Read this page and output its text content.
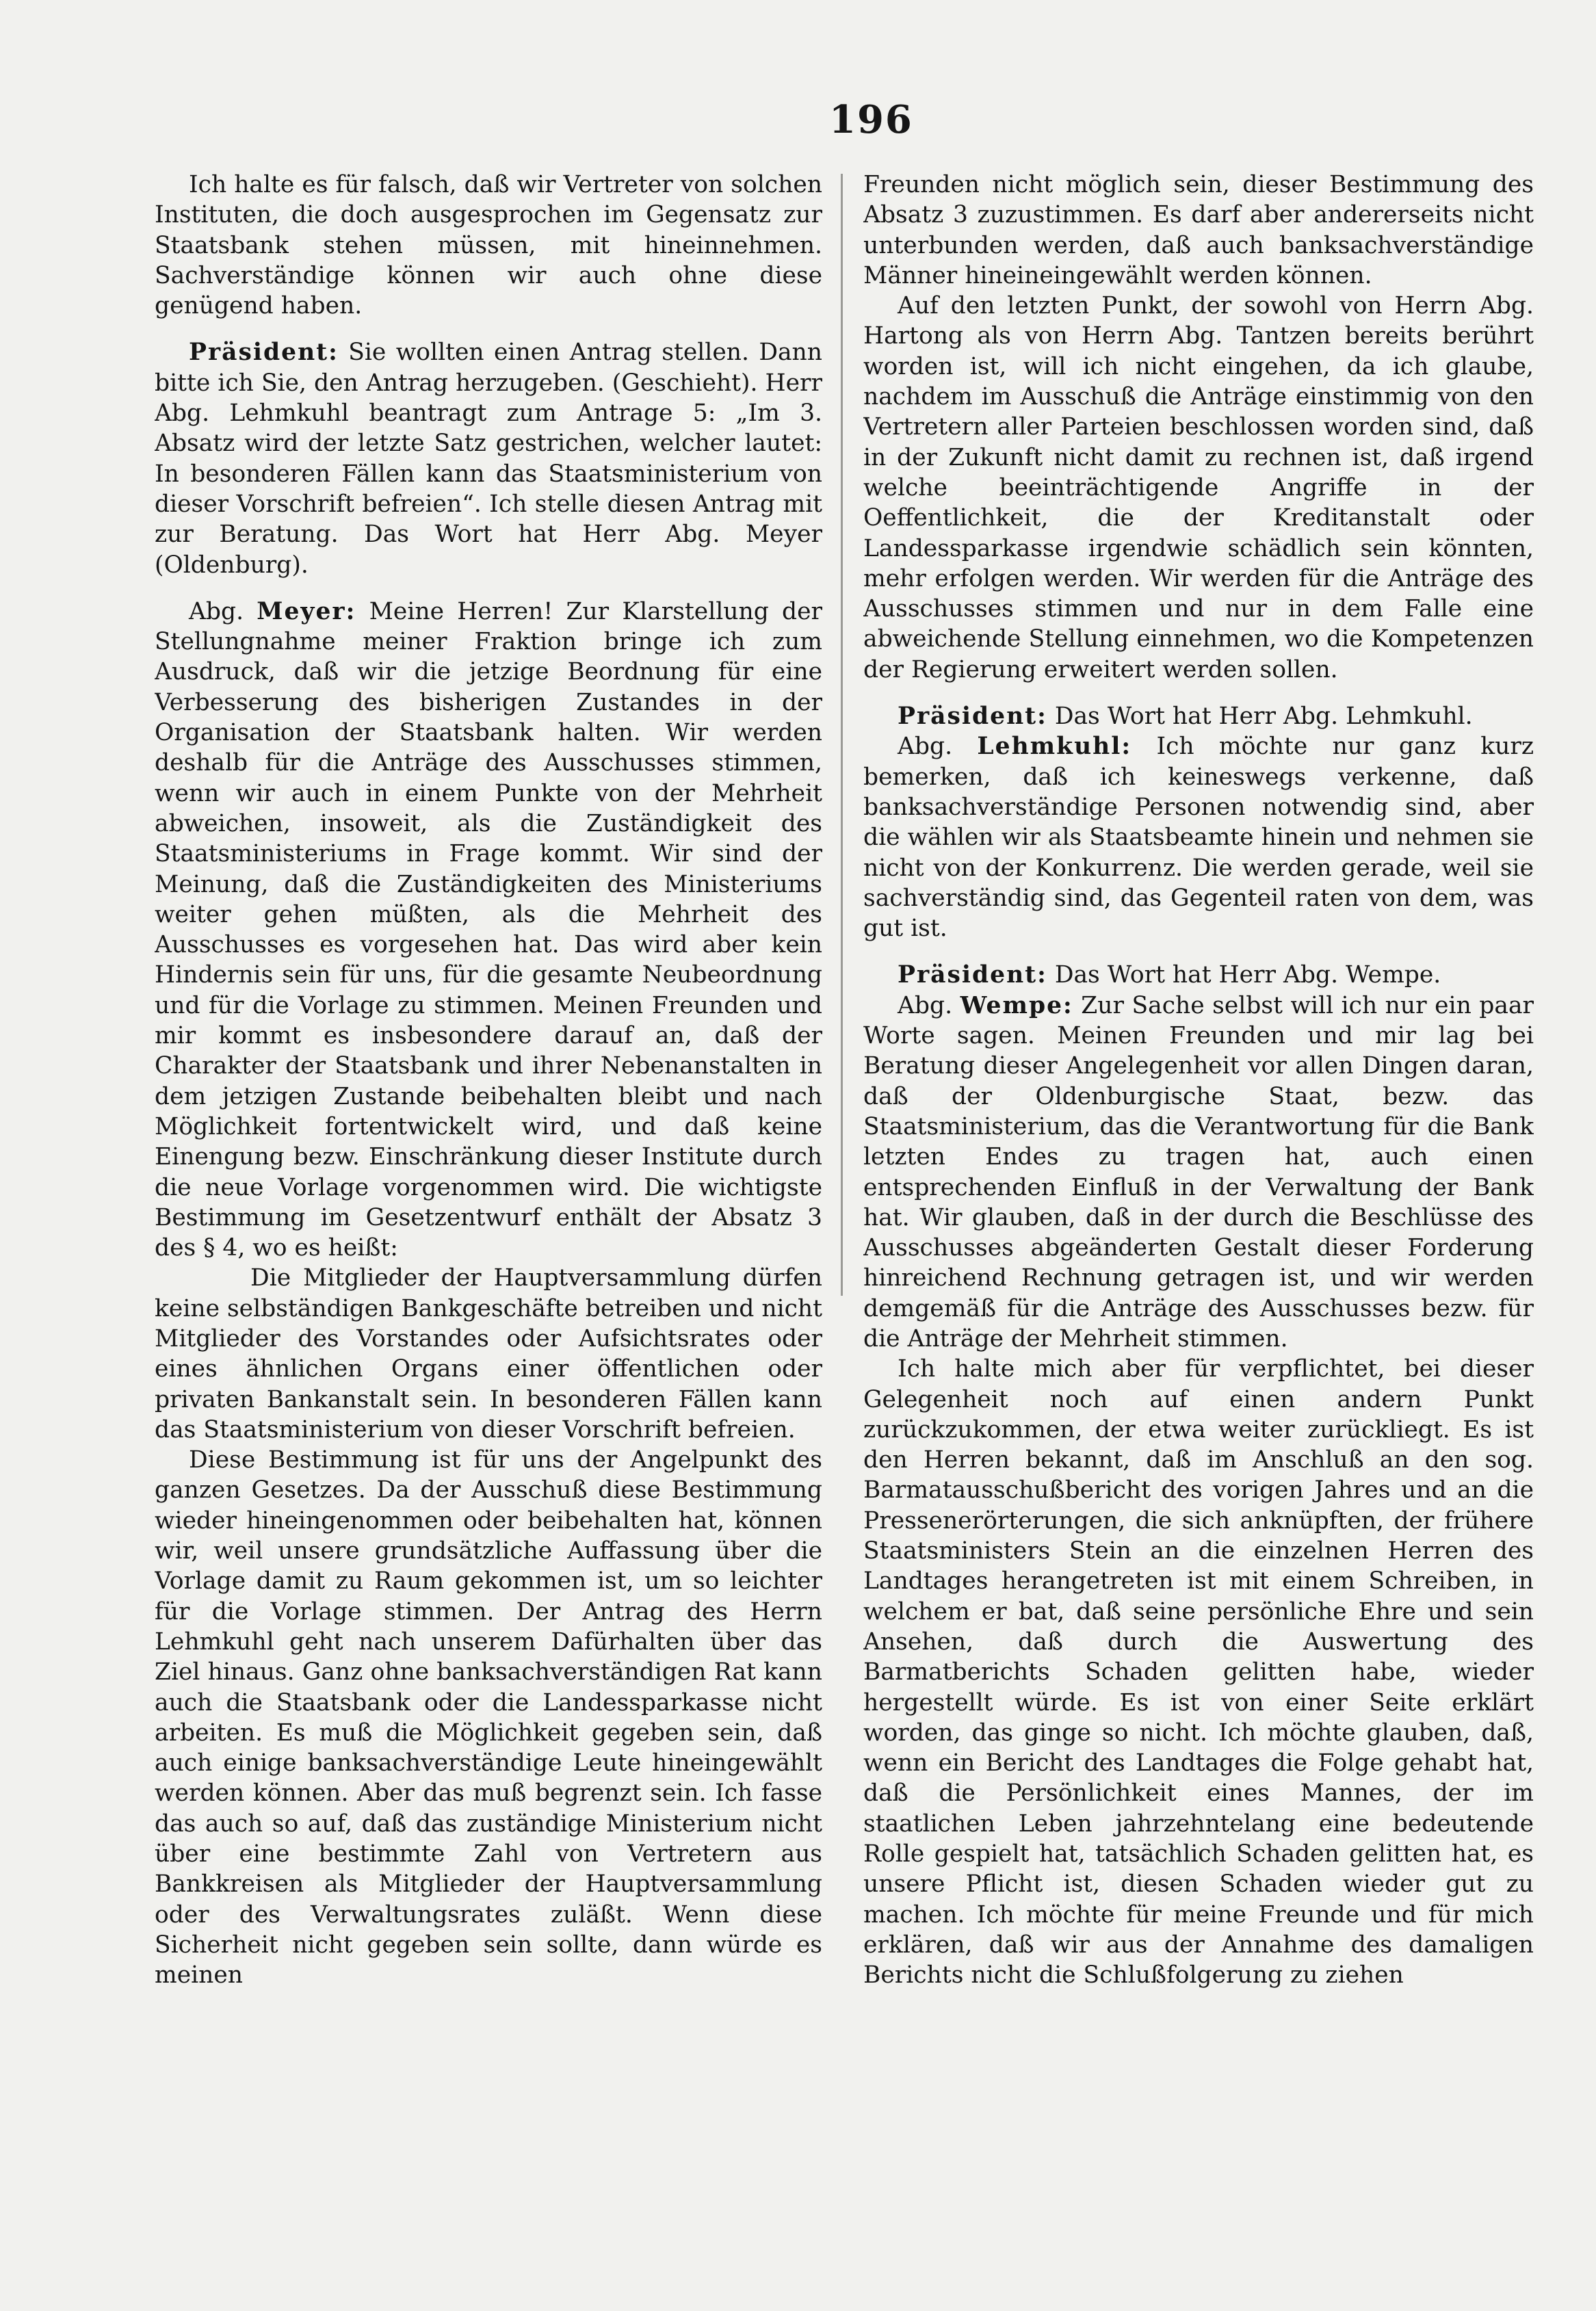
196

Ich halte es für falsch, daß wir Vertreter von solchen Instituten, die doch ausgesprochen im Gegensatz zur Staatsbank stehen müssen, mit hineinnehmen. Sachverständige können wir auch ohne diese genügend haben.

Präsident: Sie wollten einen Antrag stellen. Dann bitte ich Sie, den Antrag herzugeben. (Geschieht). Herr Abg. Lehmkuhl beantragt zum Antrage 5: „Im 3. Absatz wird der letzte Satz gestrichen, welcher lautet: In besonderen Fällen kann das Staatsministerium von dieser Vorschrift befreien“. Ich stelle diesen Antrag mit zur Beratung. Das Wort hat Herr Abg. Meyer (Oldenburg).

Abg. Meyer: Meine Herren! Zur Klarstellung der Stellungnahme meiner Fraktion bringe ich zum Ausdruck, daß wir die jetzige Beordnung für eine Verbesserung des bisherigen Zustandes in der Organisation der Staatsbank halten. Wir werden deshalb für die Anträge des Ausschusses stimmen, wenn wir auch in einem Punkte von der Mehrheit abweichen, insoweit, als die Zuständigkeit des Staatsministeriums in Frage kommt. Wir sind der Meinung, daß die Zuständigkeiten des Ministeriums weiter gehen müßten, als die Mehrheit des Ausschusses es vorgesehen hat. Das wird aber kein Hindernis sein für uns, für die gesamte Neubeordnung und für die Vorlage zu stimmen. Meinen Freunden und mir kommt es insbesondere darauf an, daß der Charakter der Staatsbank und ihrer Nebenanstalten in dem jetzigen Zustande beibehalten bleibt und nach Möglichkeit fortentwickelt wird, und daß keine Einengung bezw. Einschränkung dieser Institute durch die neue Vorlage vorgenommen wird. Die wichtigste Bestimmung im Gesetzentwurf enthält der Absatz 3 des § 4, wo es heißt:

Die Mitglieder der Hauptversammlung dürfen keine selbständigen Bankgeschäfte betreiben und nicht Mitglieder des Vorstandes oder Aufsichtsrates oder eines ähnlichen Organs einer öffentlichen oder privaten Bankanstalt sein. In besonderen Fällen kann das Staatsministerium von dieser Vorschrift befreien.

Diese Bestimmung ist für uns der Angelpunkt des ganzen Gesetzes. Da der Ausschuß diese Bestimmung wieder hineingenommen oder beibehalten hat, können wir, weil unsere grundsätzliche Auffassung über die Vorlage damit zu Raum gekommen ist, um so leichter für die Vorlage stimmen. Der Antrag des Herrn Lehmkuhl geht nach unserem Dafürhalten über das Ziel hinaus. Ganz ohne banksachverständigen Rat kann auch die Staatsbank oder die Landessparkasse nicht arbeiten. Es muß die Möglichkeit gegeben sein, daß auch einige banksachverständige Leute hineingewählt werden können. Aber das muß begrenzt sein. Ich fasse das auch so auf, daß das zuständige Ministerium nicht über eine bestimmte Zahl von Vertretern aus Bankkreisen als Mitglieder der Hauptversammlung oder des Verwaltungsrates zuläßt. Wenn diese Sicherheit nicht gegeben sein sollte, dann würde es meinen

Freunden nicht möglich sein, dieser Bestimmung des Absatz 3 zuzustimmen. Es darf aber andererseits nicht unterbunden werden, daß auch banksachverständige Männer hineineingewählt werden können.

Auf den letzten Punkt, der sowohl von Herrn Abg. Hartong als von Herrn Abg. Tantzen bereits berührt worden ist, will ich nicht eingehen, da ich glaube, nachdem im Ausschuß die Anträge einstimmig von den Vertretern aller Parteien beschlossen worden sind, daß in der Zukunft nicht damit zu rechnen ist, daß irgend welche beeinträchtigende Angriffe in der Oeffentlichkeit, die der Kreditanstalt oder Landessparkasse irgendwie schädlich sein könnten, mehr erfolgen werden. Wir werden für die Anträge des Ausschusses stimmen und nur in dem Falle eine abweichende Stellung einnehmen, wo die Kompetenzen der Regierung erweitert werden sollen.

Präsident: Das Wort hat Herr Abg. Lehmkuhl.

Abg. Lehmkuhl: Ich möchte nur ganz kurz bemerken, daß ich keineswegs verkenne, daß banksachverständige Personen notwendig sind, aber die wählen wir als Staatsbeamte hinein und nehmen sie nicht von der Konkurrenz. Die werden gerade, weil sie sachverständig sind, das Gegenteil raten von dem, was gut ist.

Präsident: Das Wort hat Herr Abg. Wempe.

Abg. Wempe: Zur Sache selbst will ich nur ein paar Worte sagen. Meinen Freunden und mir lag bei Beratung dieser Angelegenheit vor allen Dingen daran, daß der Oldenburgische Staat, bezw. das Staatsministerium, das die Verantwortung für die Bank letzten Endes zu tragen hat, auch einen entsprechenden Einfluß in der Verwaltung der Bank hat. Wir glauben, daß in der durch die Beschlüsse des Ausschusses abgeänderten Gestalt dieser Forderung hinreichend Rechnung getragen ist, und wir werden demgemäß für die Anträge des Ausschusses bezw. für die Anträge der Mehrheit stimmen.

Ich halte mich aber für verpflichtet, bei dieser Gelegenheit noch auf einen andern Punkt zurückzukommen, der etwa weiter zurückliegt. Es ist den Herren bekannt, daß im Anschluß an den sog. Barmatausschußbericht des vorigen Jahres und an die Pressenerörterungen, die sich anknüpften, der frühere Staatsministers Stein an die einzelnen Herren des Landtages herangetreten ist mit einem Schreiben, in welchem er bat, daß seine persönliche Ehre und sein Ansehen, daß durch die Auswertung des Barmatberichts Schaden gelitten habe, wieder hergestellt würde. Es ist von einer Seite erklärt worden, das ginge so nicht. Ich möchte glauben, daß, wenn ein Bericht des Landtages die Folge gehabt hat, daß die Persönlichkeit eines Mannes, der im staatlichen Leben jahrzehntelang eine bedeutende Rolle gespielt hat, tatsächlich Schaden gelitten hat, es unsere Pflicht ist, diesen Schaden wieder gut zu machen. Ich möchte für meine Freunde und für mich erklären, daß wir aus der Annahme des damaligen Berichts nicht die Schlußfolgerung zu ziehen
